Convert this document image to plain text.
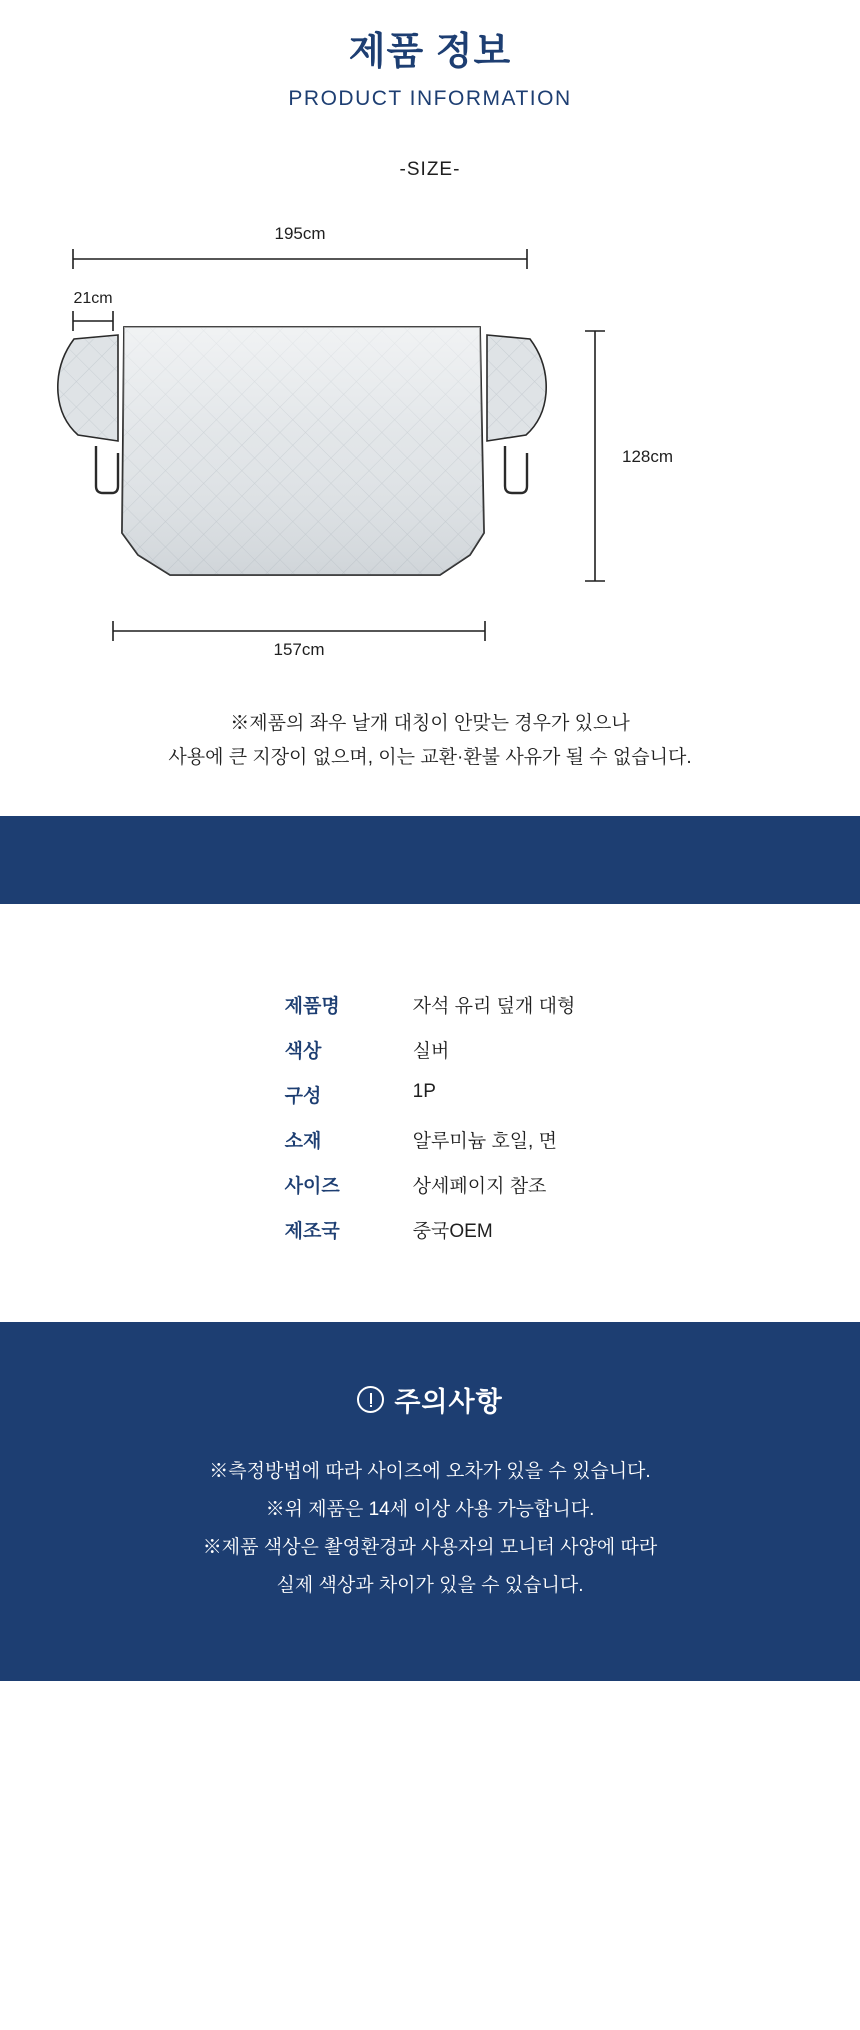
제품 정보
PRODUCT INFORMATION
-SIZE-
195cm
21cm
128cm
157cm
※제품의 좌우 날개 대칭이 안맞는 경우가 있으나
사용에 큰 지장이 없으며, 이는 교환·환불 사유가 될 수 없습니다.
제품명	자석 유리 덮개 대형
색상	실버
구성	1P
소재	알루미늄 호일, 면
사이즈	상세페이지 참조
제조국	중국OEM
주의사항
※측정방법에 따라 사이즈에 오차가 있을 수 있습니다.
※위 제품은 14세 이상 사용 가능합니다.
※제품 색상은 촬영환경과 사용자의 모니터 사양에 따라
실제 색상과 차이가 있을 수 있습니다.
